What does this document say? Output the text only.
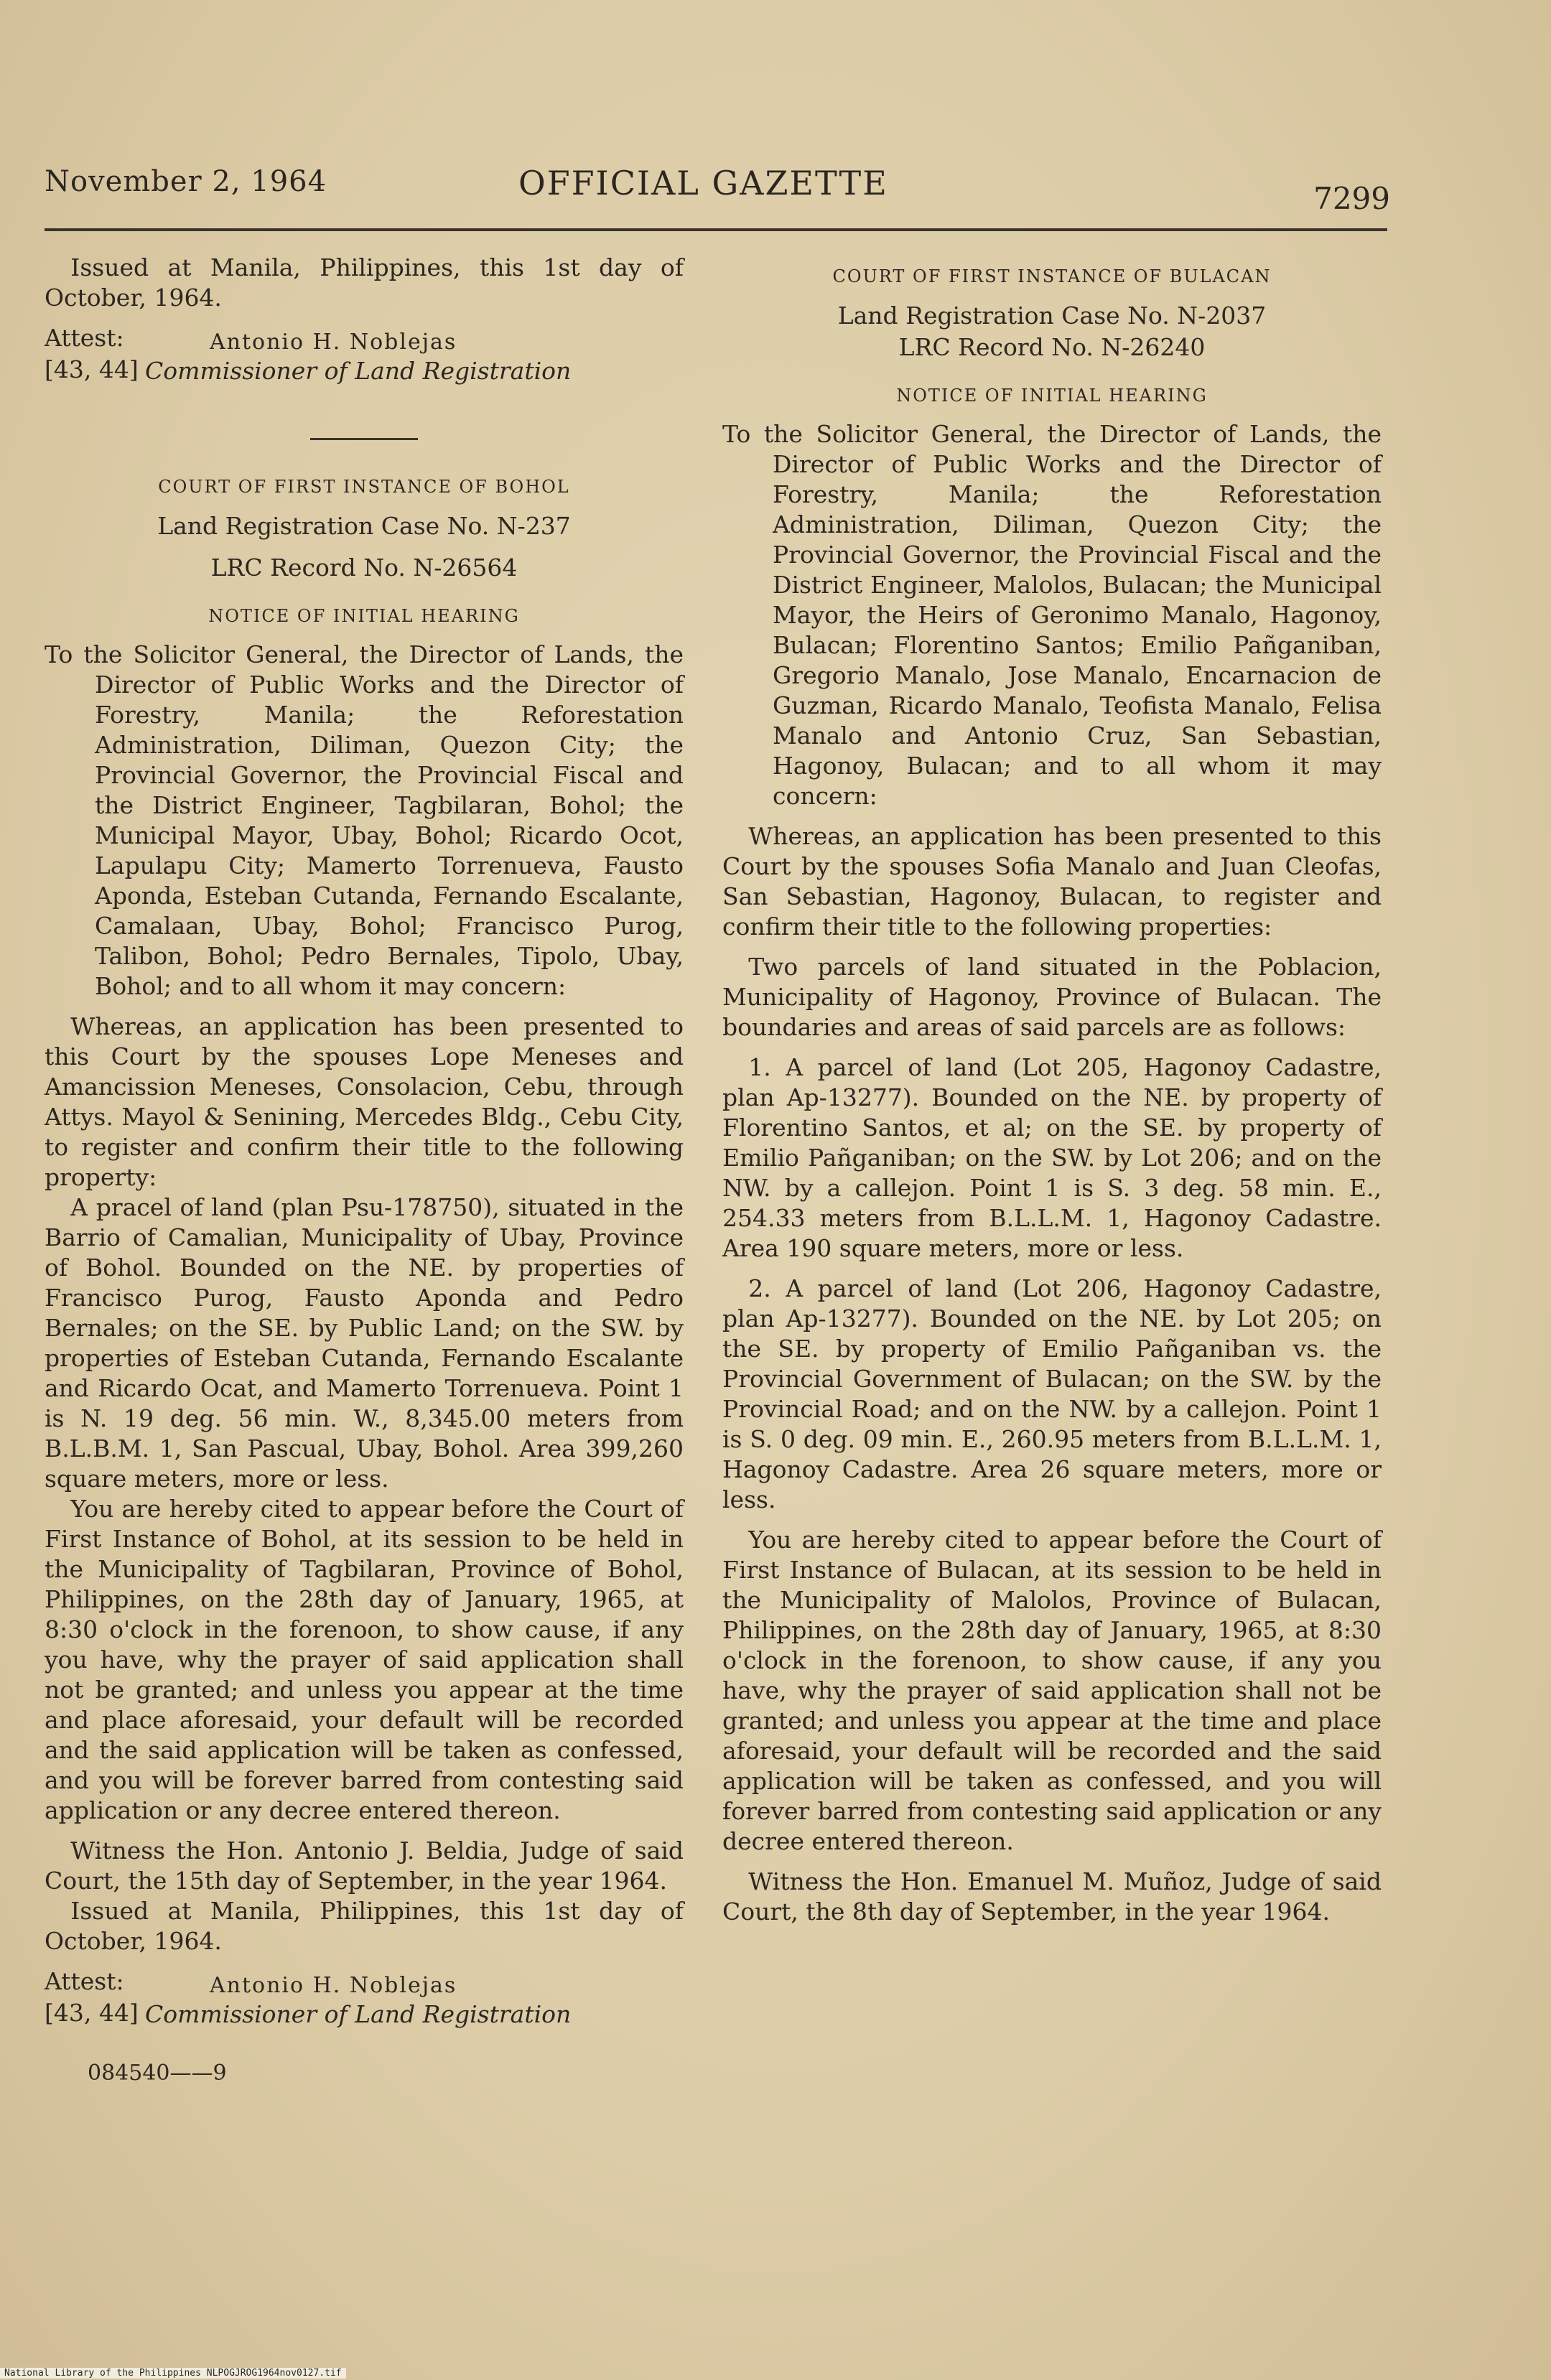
November 2, 1964	OFFICIAL GAZETTE	7299

Issued at Manila, Philippines, this 1st day of October, 1964.

Attest:
[43, 44]
Antonio H. Noblejas
Commissioner of Land Registration
COURT OF FIRST INSTANCE OF BOHOL
Land Registration Case No. N-237
LRC Record No. N-26564
NOTICE OF INITIAL HEARING

To the Solicitor General, the Director of Lands, the Director of Public Works and the Director of Forestry, Manila; the Reforestation Administration, Diliman, Quezon City; the Provincial Governor, the Provincial Fiscal and the District Engineer, Tagbilaran, Bohol; the Municipal Mayor, Ubay, Bohol; Ricardo Ocot, Lapulapu City; Mamerto Torrenueva, Fausto Aponda, Esteban Cutanda, Fernando Escalante, Camalaan, Ubay, Bohol; Francisco Purog, Talibon, Bohol; Pedro Bernales, Tipolo, Ubay, Bohol; and to all whom it may concern:

Whereas, an application has been presented to this Court by the spouses Lope Meneses and Amancission Meneses, Consolacion, Cebu, through Attys. Mayol & Senining, Mercedes Bldg., Cebu City, to register and confirm their title to the following property:

A pracel of land (plan Psu-178750), situated in the Barrio of Camalian, Municipality of Ubay, Province of Bohol. Bounded on the NE. by properties of Francisco Purog, Fausto Aponda and Pedro Bernales; on the SE. by Public Land; on the SW. by properties of Esteban Cutanda, Fernando Escalante and Ricardo Ocat, and Mamerto Torrenueva. Point 1 is N. 19 deg. 56 min. W., 8,345.00 meters from B.L.B.M. 1, San Pascual, Ubay, Bohol. Area 399,260 square meters, more or less.

You are hereby cited to appear before the Court of First Instance of Bohol, at its session to be held in the Municipality of Tagbilaran, Province of Bohol, Philippines, on the 28th day of January, 1965, at 8:30 o'clock in the forenoon, to show cause, if any you have, why the prayer of said application shall not be granted; and unless you appear at the time and place aforesaid, your default will be recorded and the said application will be taken as confessed, and you will be forever barred from contesting said application or any decree entered thereon.

Witness the Hon. Antonio J. Beldia, Judge of said Court, the 15th day of September, in the year 1964.

Issued at Manila, Philippines, this 1st day of October, 1964.

Attest:
[43, 44]
Antonio H. Noblejas
Commissioner of Land Registration
084540——9
COURT OF FIRST INSTANCE OF BULACAN
Land Registration Case No. N-2037
LRC Record No. N-26240
NOTICE OF INITIAL HEARING

To the Solicitor General, the Director of Lands, the Director of Public Works and the Director of Forestry, Manila; the Reforestation Administration, Diliman, Quezon City; the Provincial Governor, the Provincial Fiscal and the District Engineer, Malolos, Bulacan; the Municipal Mayor, the Heirs of Geronimo Manalo, Hagonoy, Bulacan; Florentino Santos; Emilio Pañganiban, Gregorio Manalo, Jose Manalo, Encarnacion de Guzman, Ricardo Manalo, Teofista Manalo, Felisa Manalo and Antonio Cruz, San Sebastian, Hagonoy, Bulacan; and to all whom it may concern:

Whereas, an application has been presented to this Court by the spouses Sofia Manalo and Juan Cleofas, San Sebastian, Hagonoy, Bulacan, to register and confirm their title to the following properties:

Two parcels of land situated in the Poblacion, Municipality of Hagonoy, Province of Bulacan. The boundaries and areas of said parcels are as follows:

1. A parcel of land (Lot 205, Hagonoy Cadastre, plan Ap-13277). Bounded on the NE. by property of Florentino Santos, et al; on the SE. by property of Emilio Pañganiban; on the SW. by Lot 206; and on the NW. by a callejon. Point 1 is S. 3 deg. 58 min. E., 254.33 meters from B.L.L.M. 1, Hagonoy Cadastre. Area 190 square meters, more or less.

2. A parcel of land (Lot 206, Hagonoy Cadastre, plan Ap-13277). Bounded on the NE. by Lot 205; on the SE. by property of Emilio Pañganiban vs. the Provincial Government of Bulacan; on the SW. by the Provincial Road; and on the NW. by a callejon. Point 1 is S. 0 deg. 09 min. E., 260.95 meters from B.L.L.M. 1, Hagonoy Cadastre. Area 26 square meters, more or less.

You are hereby cited to appear before the Court of First Instance of Bulacan, at its session to be held in the Municipality of Malolos, Province of Bulacan, Philippines, on the 28th day of January, 1965, at 8:30 o'clock in the forenoon, to show cause, if any you have, why the prayer of said application shall not be granted; and unless you appear at the time and place aforesaid, your default will be recorded and the said application will be taken as confessed, and you will forever barred from contesting said application or any decree entered thereon.

Witness the Hon. Emanuel M. Muñoz, Judge of said Court, the 8th day of September, in the year 1964.

National Library of the Philippines NLPOGJROG1964nov0127.tif
